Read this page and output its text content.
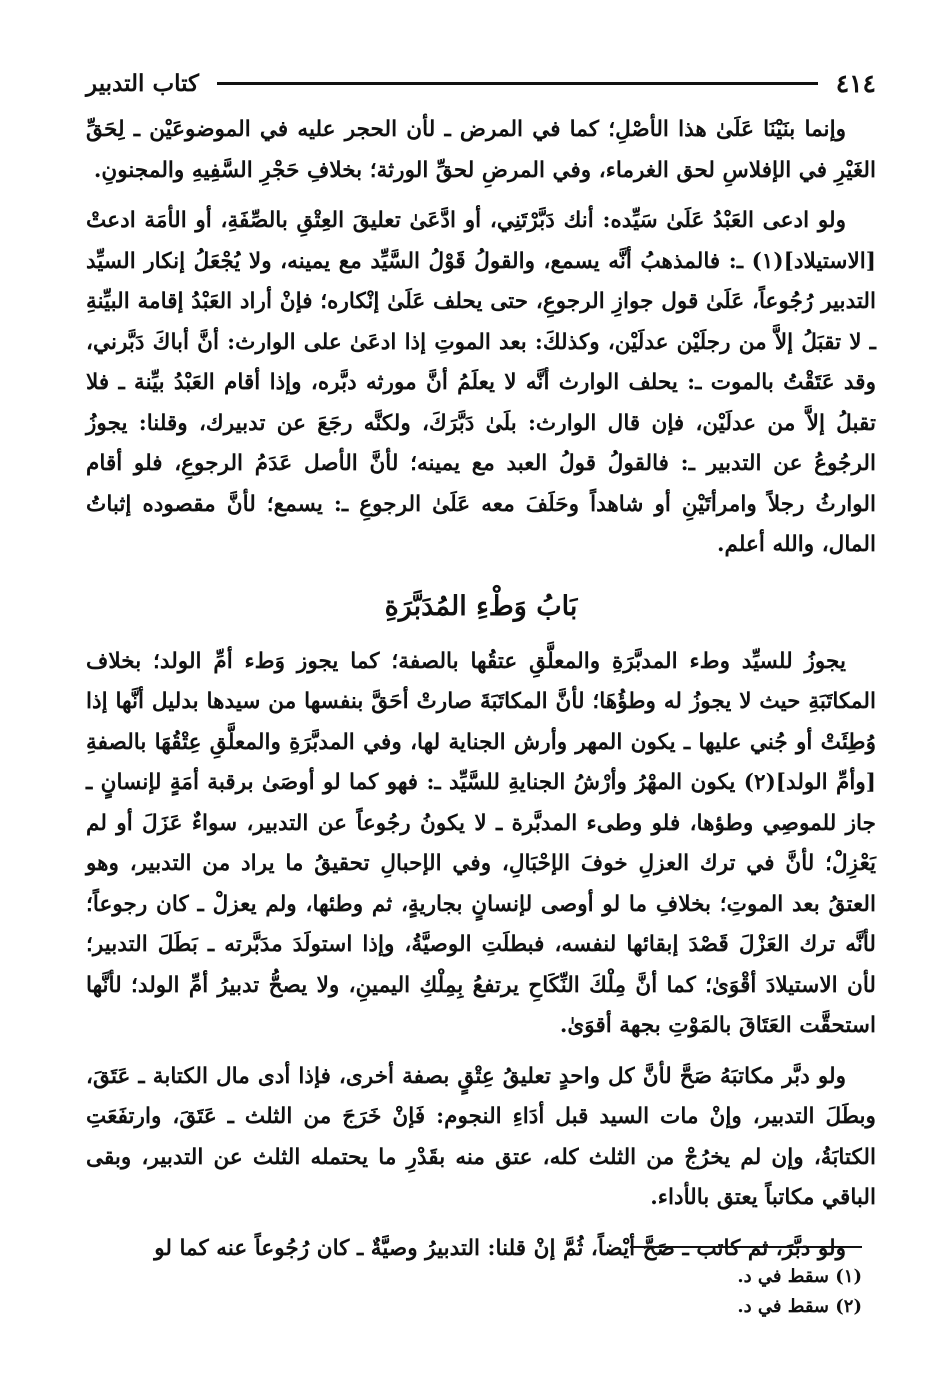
٤١٤
كتاب التدبير

وإنما بنَيْنَا عَلَىٰ هذا الأصْلِ؛ كما في المرض ـ لأن الحجر عليه في الموضوعَيْن ـ لِحَقِّ الغَيْرِ في الإفلاسِ لحق الغرماء، وفي المرضِ لحقِّ الورثة؛ بخلافِ حَجْرِ السَّفِيهِ والمجنونِ.

ولو ادعى العَبْدُ عَلَىٰ سَيِّده: أنك دَبَّرْتَنِي، أو ادَّعَىٰ تعليقَ العِتْقِ بالصِّفَةِ، أو الأمَة ادعتْ [الاستيلاد](١) ـ: فالمذهبُ أنَّه يسمع، والقولُ قَوْلُ السَّيِّد مع يمينه، ولا يُجْعَلُ إنكار السيِّد التدبير رُجُوعاً، عَلَىٰ قول جوازِ الرجوعِ، حتى يحلف عَلَىٰ إنْكاره؛ فإنْ أراد العَبْدُ إقامة البيِّنةِ ـ لا تقبَلُ إلاَّ من رجلَيْن عدلَيْن، وكذلكَ: بعد الموتِ إذا ادعَىٰ على الوارث: أنَّ أباكَ دَبَّرني، وقد عَتَقْتُ بالموت ـ: يحلف الوارث أنَّه لا يعلَمُ أنَّ مورثه دبَّره، وإذا أقام العَبْدُ بيِّنة ـ فلا تقبلُ إلاَّ من عدلَيْن، فإن قال الوارث: بلَىٰ دَبَّرَكَ، ولكنَّه رجَعَ عن تدبيرك، وقلنا: يجوزُ الرجُوعُ عن التدبير ـ: فالقولُ قولُ العبد مع يمينه؛ لأنَّ الأصل عَدَمُ الرجوعِ، فلو أقام الوارثُ رجلاً وامرأتَيْنِ أو شاهداً وحَلَفَ معه عَلَىٰ الرجوعِ ـ: يسمع؛ لأنَّ مقصوده إثباتُ المال، والله أعلم.

بَابُ وَطْءِ المُدَبَّرَةِ

يجوزُ للسيِّد وطء المدبَّرَةِ والمعلَّقِ عتقُها بالصفة؛ كما يجوز وَطء أمِّ الولد؛ بخلاف المكاتَبَةِ حيث لا يجوزُ له وطؤُهَا؛ لأنَّ المكاتَبَةَ صارتْ أحَقَّ بنفسها من سيدها بدليل أنَّها إذا وُطِئَتْ أو جُني عليها ـ يكون المهر وأرش الجناية لها، وفي المدبَّرَةِ والمعلَّقِ عِتْقُهَا بالصفةِ [وأمِّ الولد](٢) يكون المهْرُ وأرْشُ الجنايةِ للسَّيِّد ـ: فهو كما لو أوصَىٰ برقبة أمَةٍ لإنسانٍ ـ جاز للموصِي وطؤها، فلو وطىء المدبَّرة ـ لا يكونُ رجُوعاً عن التدبير، سواءٌ عَزَلَ أو لم يَعْزِلْ؛ لأنَّ في ترك العزلِ خوفَ الإحْبَالِ، وفي الإحبالِ تحقيقُ ما يراد من التدبير، وهو العتقُ بعد الموتِ؛ بخلافِ ما لو أوصى لإنسانٍ بجاريةٍ، ثم وطئها، ولم يعزلْ ـ كان رجوعاً؛ لأنَّه ترك العَزْلَ قَصْدَ إبقائها لنفسه، فبطلَتِ الوصيَّةُ، وإذا استولَدَ مدَبَّرته ـ بَطَلَ التدبير؛ لأن الاستيلادَ أقْوَىٰ؛ كما أنَّ مِلْكَ النِّكَاحِ يرتفعُ بِمِلْكِ اليمينِ، ولا يصحُّ تدبيرُ أمِّ الولد؛ لأنَّها استحقَّت العَتَاقَ بالمَوْتِ بجهة أقوَىٰ.

ولو دبَّر مكاتبَهُ صَحَّ لأنَّ كل واحدٍ تعليقُ عِتْقٍ بصفة أخرى، فإذا أدى مال الكتابة ـ عَتَقَ، وبطَلَ التدبير، وإنْ مات السيد قبل أدَاءِ النجوم: فَإنْ خَرَجَ من الثلث ـ عَتَقَ، وارتفَعَتِ الكتابَةُ، وإن لم يخرُجْ من الثلث كله، عتق منه بقَدْرِ ما يحتمله الثلث عن التدبير، وبقى الباقي مكاتباً يعتق بالأداء.

ولو دبَّرَ، ثم كاتب ـ صَحَّ أيْضاً، ثُمَّ إنْ قلنا: التدبيرُ وصيَّةٌ ـ كان رُجُوعاً عنه كما لو

(١) سقط في د.

(٢) سقط في د.
